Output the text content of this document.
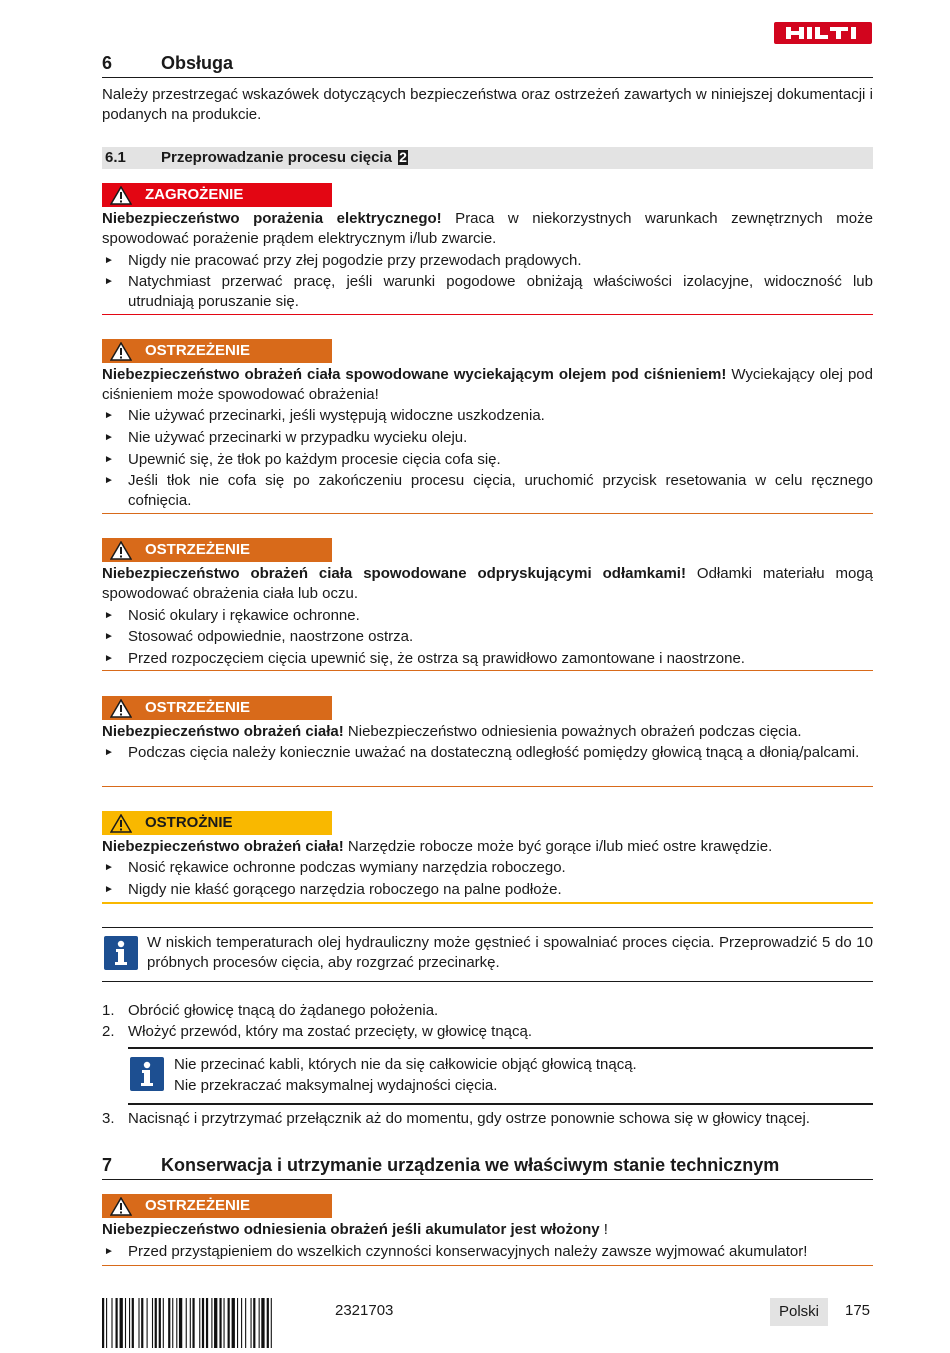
6	Obsługa
Należy przestrzegać wskazówek dotyczących bezpieczeństwa oraz ostrzeżeń zawartych w niniejszej dokumentacji i podanych na produkcie.
6.1 Przeprowadzanie procesu cięcia 2
ZAGROŻENIE
Niebezpieczeństwo porażenia elektrycznego! Praca w niekorzystnych warunkach zewnętrznych może spowodować porażenie prądem elektrycznym i/lub zwarcie.
► Nigdy nie pracować przy złej pogodzie przy przewodach prądowych.
► Natychmiast przerwać pracę, jeśli warunki pogodowe obniżają właściwości izolacyjne, widoczność lub utrudniają poruszanie się.
OSTRZEŻENIE
Niebezpieczeństwo obrażeń ciała spowodowane wyciekającym olejem pod ciśnieniem! Wyciekający olej pod ciśnieniem może spowodować obrażenia!
► Nie używać przecinarki, jeśli występują widoczne uszkodzenia.
► Nie używać przecinarki w przypadku wycieku oleju.
► Upewnić się, że tłok po każdym procesie cięcia cofa się.
► Jeśli tłok nie cofa się po zakończeniu procesu cięcia, uruchomić przycisk resetowania w celu ręcznego cofnięcia.
OSTRZEŻENIE
Niebezpieczeństwo obrażeń ciała spowodowane odpryskującymi odłamkami! Odłamki materiału mogą spowodować obrażenia ciała lub oczu.
► Nosić okulary i rękawice ochronne.
► Stosować odpowiednie, naostrzone ostrza.
► Przed rozpoczęciem cięcia upewnić się, że ostrza są prawidłowo zamontowane i naostrzone.
OSTRZEŻENIE
Niebezpieczeństwo obrażeń ciała! Niebezpieczeństwo odniesienia poważnych obrażeń podczas cięcia.
► Podczas cięcia należy koniecznie uważać na dostateczną odległość pomiędzy głowicą tnącą a dłonią/palcami.
OSTROŻNIE
Niebezpieczeństwo obrażeń ciała! Narzędzie robocze może być gorące i/lub mieć ostre krawędzie.
► Nosić rękawice ochronne podczas wymiany narzędzia roboczego.
► Nigdy nie kłaść gorącego narzędzia roboczego na palne podłoże.
W niskich temperaturach olej hydrauliczny może gęstnieć i spowalniać proces cięcia. Przeprowadzić 5 do 10 próbnych procesów cięcia, aby rozgrzać przecinarkę.
1. Obrócić głowicę tnącą do żądanego położenia.
2. Włożyć przewód, który ma zostać przecięty, w głowicę tnącą.
Nie przecinać kabli, których nie da się całkowicie objąć głowicą tnącą.
Nie przekraczać maksymalnej wydajności cięcia.
3. Nacisnąć i przytrzymać przełącznik aż do momentu, gdy ostrze ponownie schowa się w głowicy tnącej.
7	Konserwacja i utrzymanie urządzenia we właściwym stanie technicznym
OSTRZEŻENIE
Niebezpieczeństwo odniesienia obrażeń jeśli akumulator jest włożony !
► Przed przystąpieniem do wszelkich czynności konserwacyjnych należy zawsze wyjmować akumulator!
2321703	Polski	175
